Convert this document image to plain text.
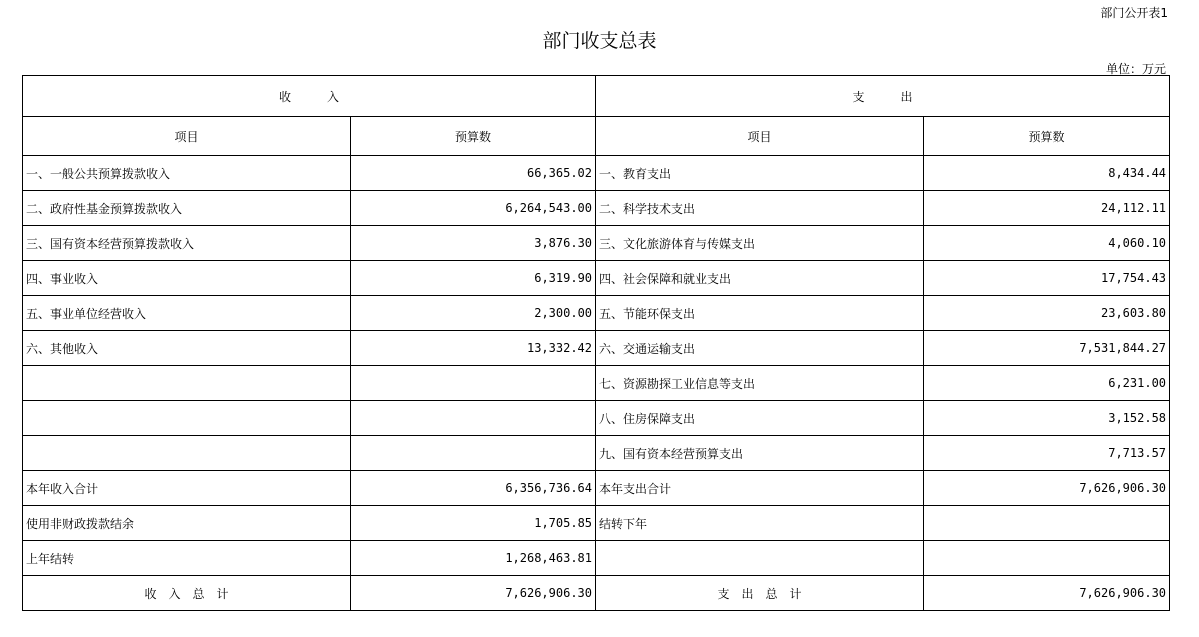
部门公开表1
部门收支总表
单位：万元
收　　　入		支　　　出	
项目	预算数	项目	预算数
一、一般公共预算拨款收入	66,365.02	一、教育支出	8,434.44
二、政府性基金预算拨款收入	6,264,543.00	二、科学技术支出	24,112.11
三、国有资本经营预算拨款收入	3,876.30	三、文化旅游体育与传媒支出	4,060.10
四、事业收入	6,319.90	四、社会保障和就业支出	17,754.43
五、事业单位经营收入	2,300.00	五、节能环保支出	23,603.80
六、其他收入	13,332.42	六、交通运输支出	7,531,844.27
		七、资源勘探工业信息等支出	6,231.00
		八、住房保障支出	3,152.58
		九、国有资本经营预算支出	7,713.57
本年收入合计	6,356,736.64	本年支出合计	7,626,906.30
使用非财政拨款结余	1,705.85	结转下年	
上年结转	1,268,463.81		
收　入　总　计	7,626,906.30	支　出　总　计	7,626,906.30
